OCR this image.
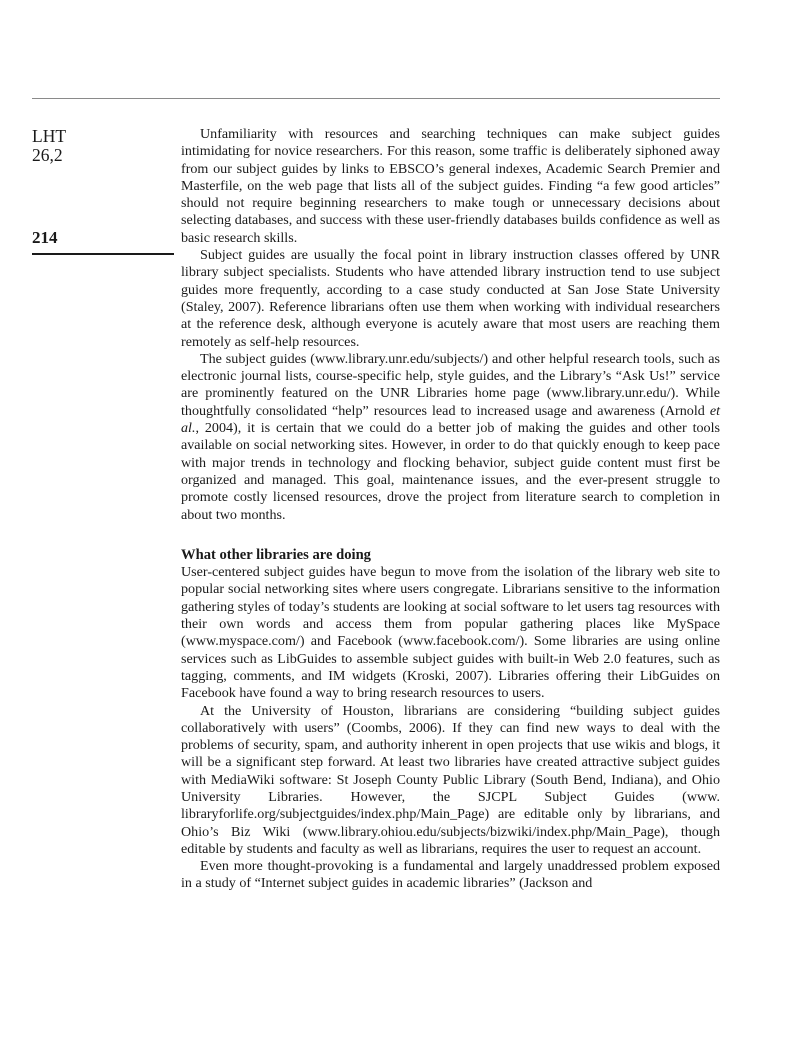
LHT

26,2

214

Unfamiliarity with resources and searching techniques can make subject guides intimidating for novice researchers. For this reason, some traffic is deliberately siphoned away from our subject guides by links to EBSCO’s general indexes, Academic Search Premier and Masterfile, on the web page that lists all of the subject guides. Finding “a few good articles” should not require beginning researchers to make tough or unnecessary decisions about selecting databases, and success with these user-friendly databases builds confidence as well as basic research skills.

Subject guides are usually the focal point in library instruction classes offered by UNR library subject specialists. Students who have attended library instruction tend to use subject guides more frequently, according to a case study conducted at San Jose State University (Staley, 2007). Reference librarians often use them when working with individual researchers at the reference desk, although everyone is acutely aware that most users are reaching them remotely as self-help resources.

The subject guides (www.library.unr.edu/subjects/) and other helpful research tools, such as electronic journal lists, course-specific help, style guides, and the Library’s “Ask Us!” service are prominently featured on the UNR Libraries home page (www.library.unr.edu/). While thoughtfully consolidated “help” resources lead to increased usage and awareness (Arnold et al., 2004), it is certain that we could do a better job of making the guides and other tools available on social networking sites. However, in order to do that quickly enough to keep pace with major trends in technology and flocking behavior, subject guide content must first be organized and managed. This goal, maintenance issues, and the ever-present struggle to promote costly licensed resources, drove the project from literature search to completion in about two months.

What other libraries are doing

User-centered subject guides have begun to move from the isolation of the library web site to popular social networking sites where users congregate. Librarians sensitive to the information gathering styles of today’s students are looking at social software to let users tag resources with their own words and access them from popular gathering places like MySpace (www.myspace.com/) and Facebook (www.facebook.com/). Some libraries are using online services such as LibGuides to assemble subject guides with built-in Web 2.0 features, such as tagging, comments, and IM widgets (Kroski, 2007). Libraries offering their LibGuides on Facebook have found a way to bring research resources to users.

At the University of Houston, librarians are considering “building subject guides collaboratively with users” (Coombs, 2006). If they can find new ways to deal with the problems of security, spam, and authority inherent in open projects that use wikis and blogs, it will be a significant step forward. At least two libraries have created attractive subject guides with MediaWiki software: St Joseph County Public Library (South Bend, Indiana), and Ohio University Libraries. However, the SJCPL Subject Guides (www. libraryforlife.org/subjectguides/index.php/Main_Page) are editable only by librarians, and Ohio’s Biz Wiki (www.library.ohiou.edu/subjects/bizwiki/index.php/Main_Page), though editable by students and faculty as well as librarians, requires the user to request an account.

Even more thought-provoking is a fundamental and largely unaddressed problem exposed in a study of “Internet subject guides in academic libraries” (Jackson and
